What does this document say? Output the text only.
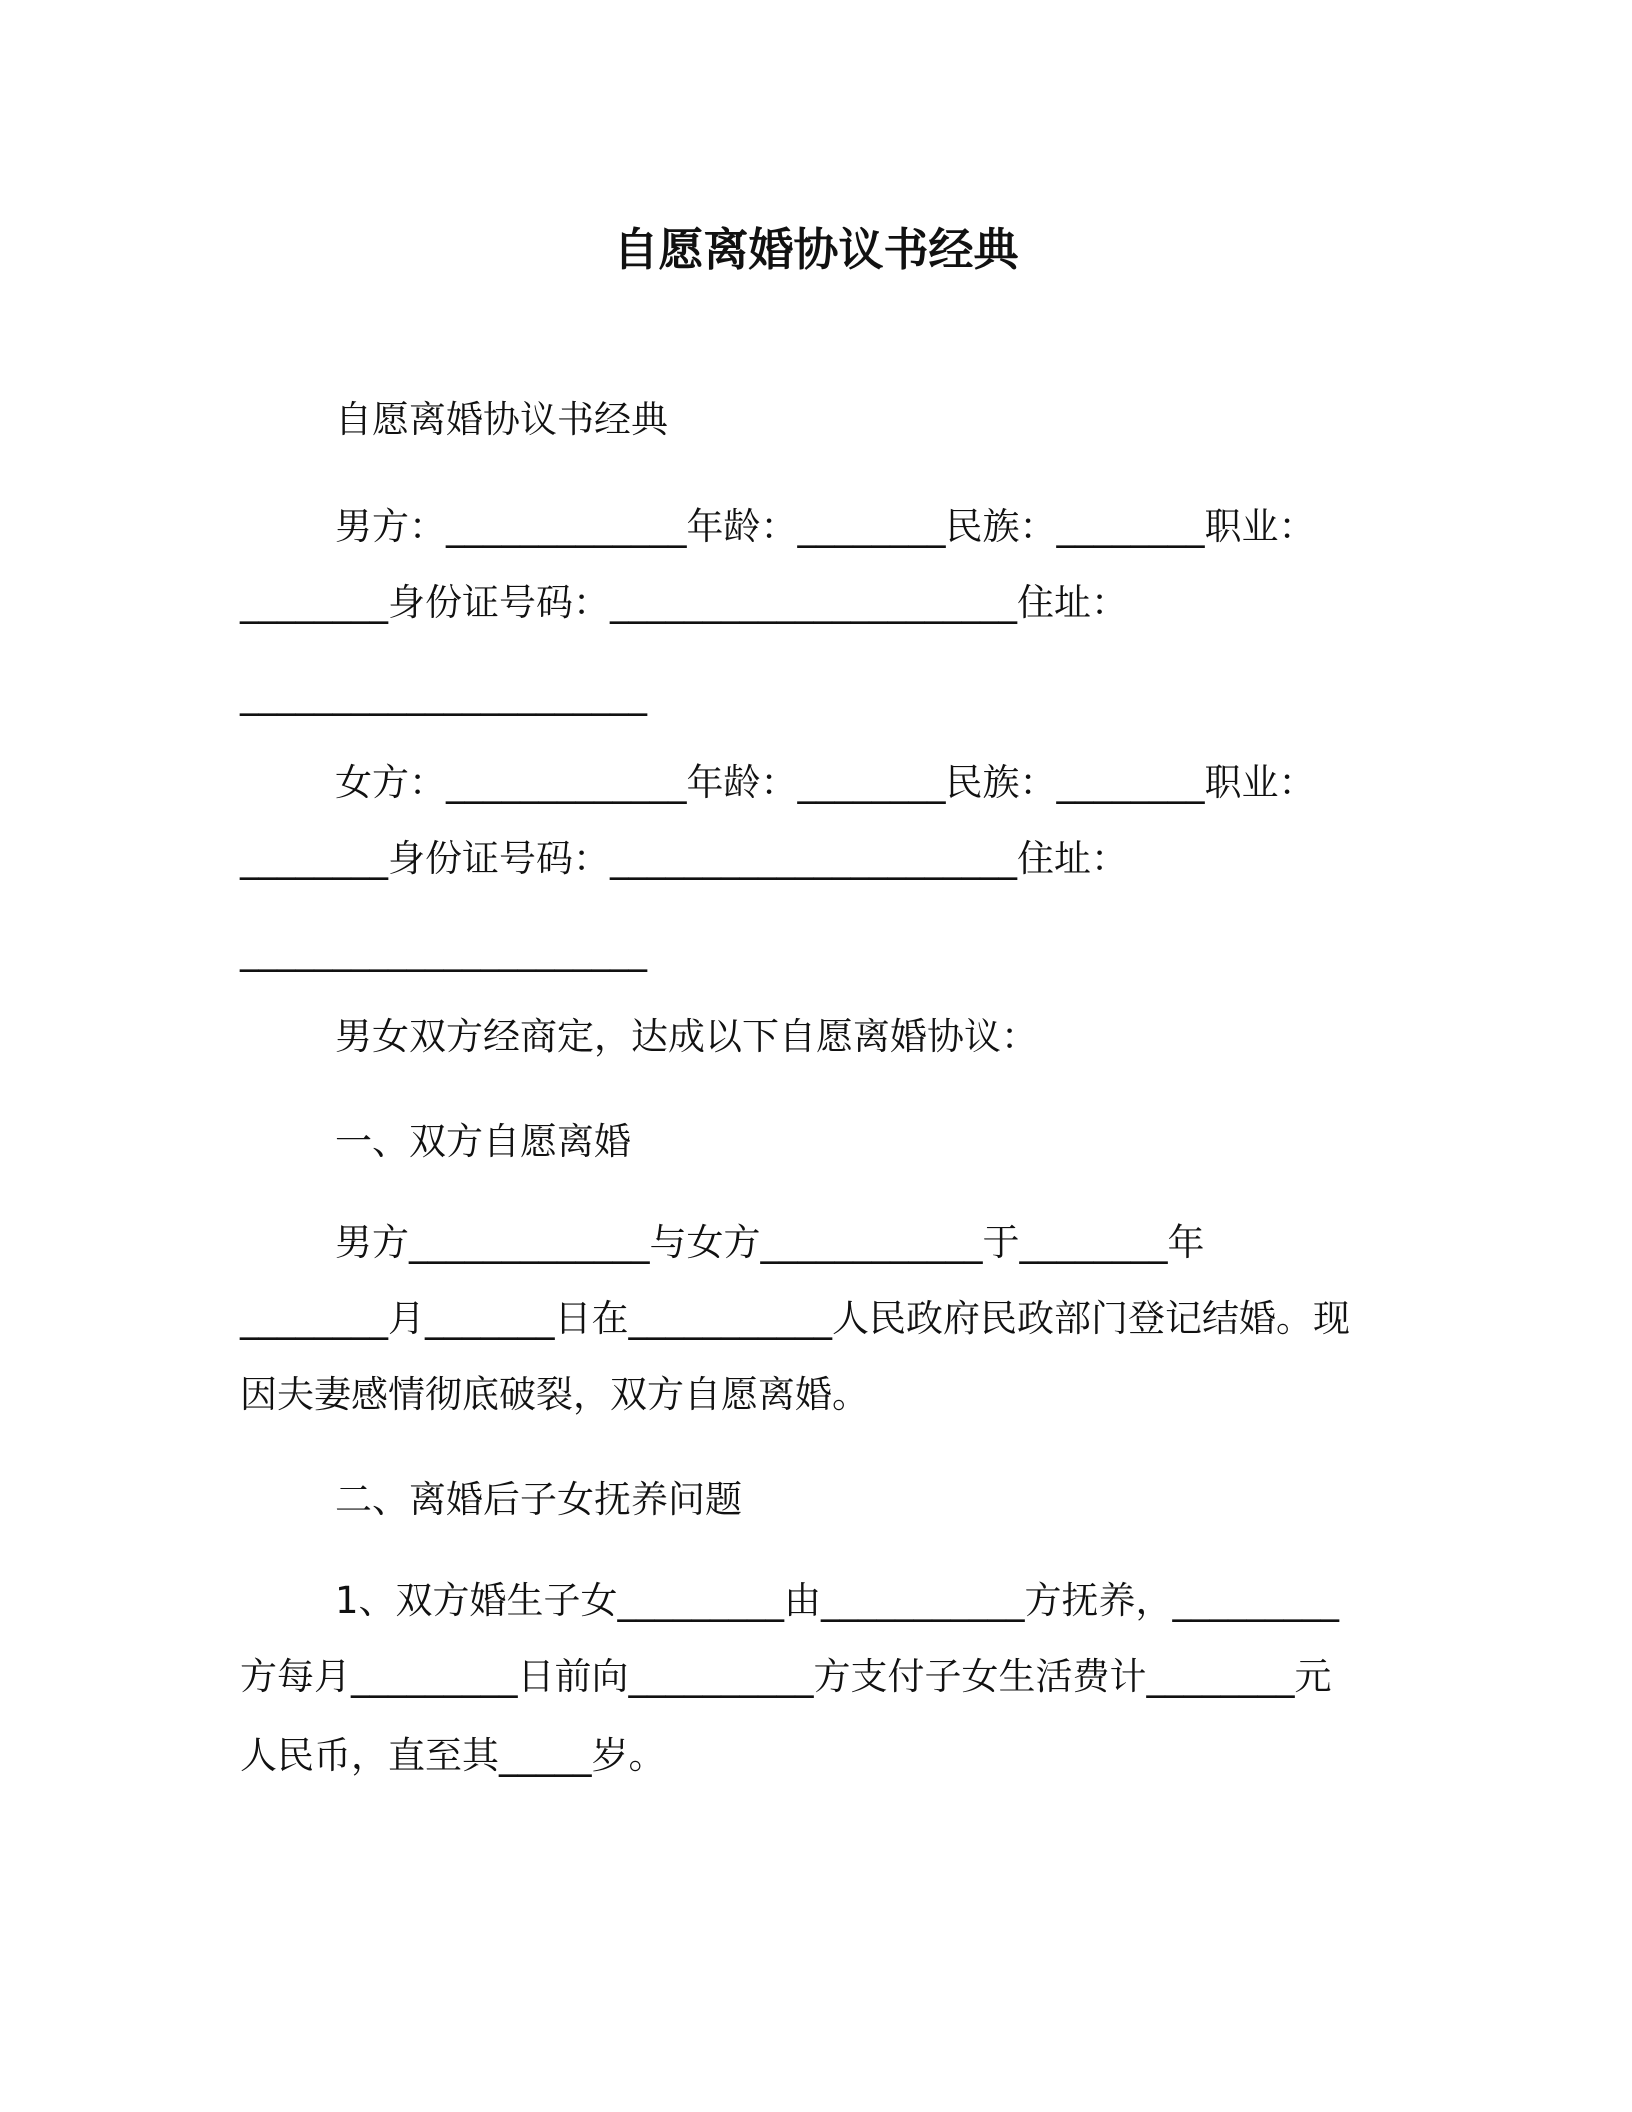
自愿离婚协议书经典
自愿离婚协议书经典
男方：_____________年龄：________民族：________职业：
________身份证号码：______________________住址：
______________________
女方：_____________年龄：________民族：________职业：
________身份证号码：______________________住址：
______________________
男女双方经商定，达成以下自愿离婚协议：
一、双方自愿离婚
男方_____________与女方____________于________年
________月_______日在___________人民政府民政部门登记结婚。现
因夫妻感情彻底破裂，双方自愿离婚。
二、离婚后子女抚养问题
1、双方婚生子女_________由___________方抚养，_________
方每月_________日前向__________方支付子女生活费计________元
人民币，直至其_____岁。
